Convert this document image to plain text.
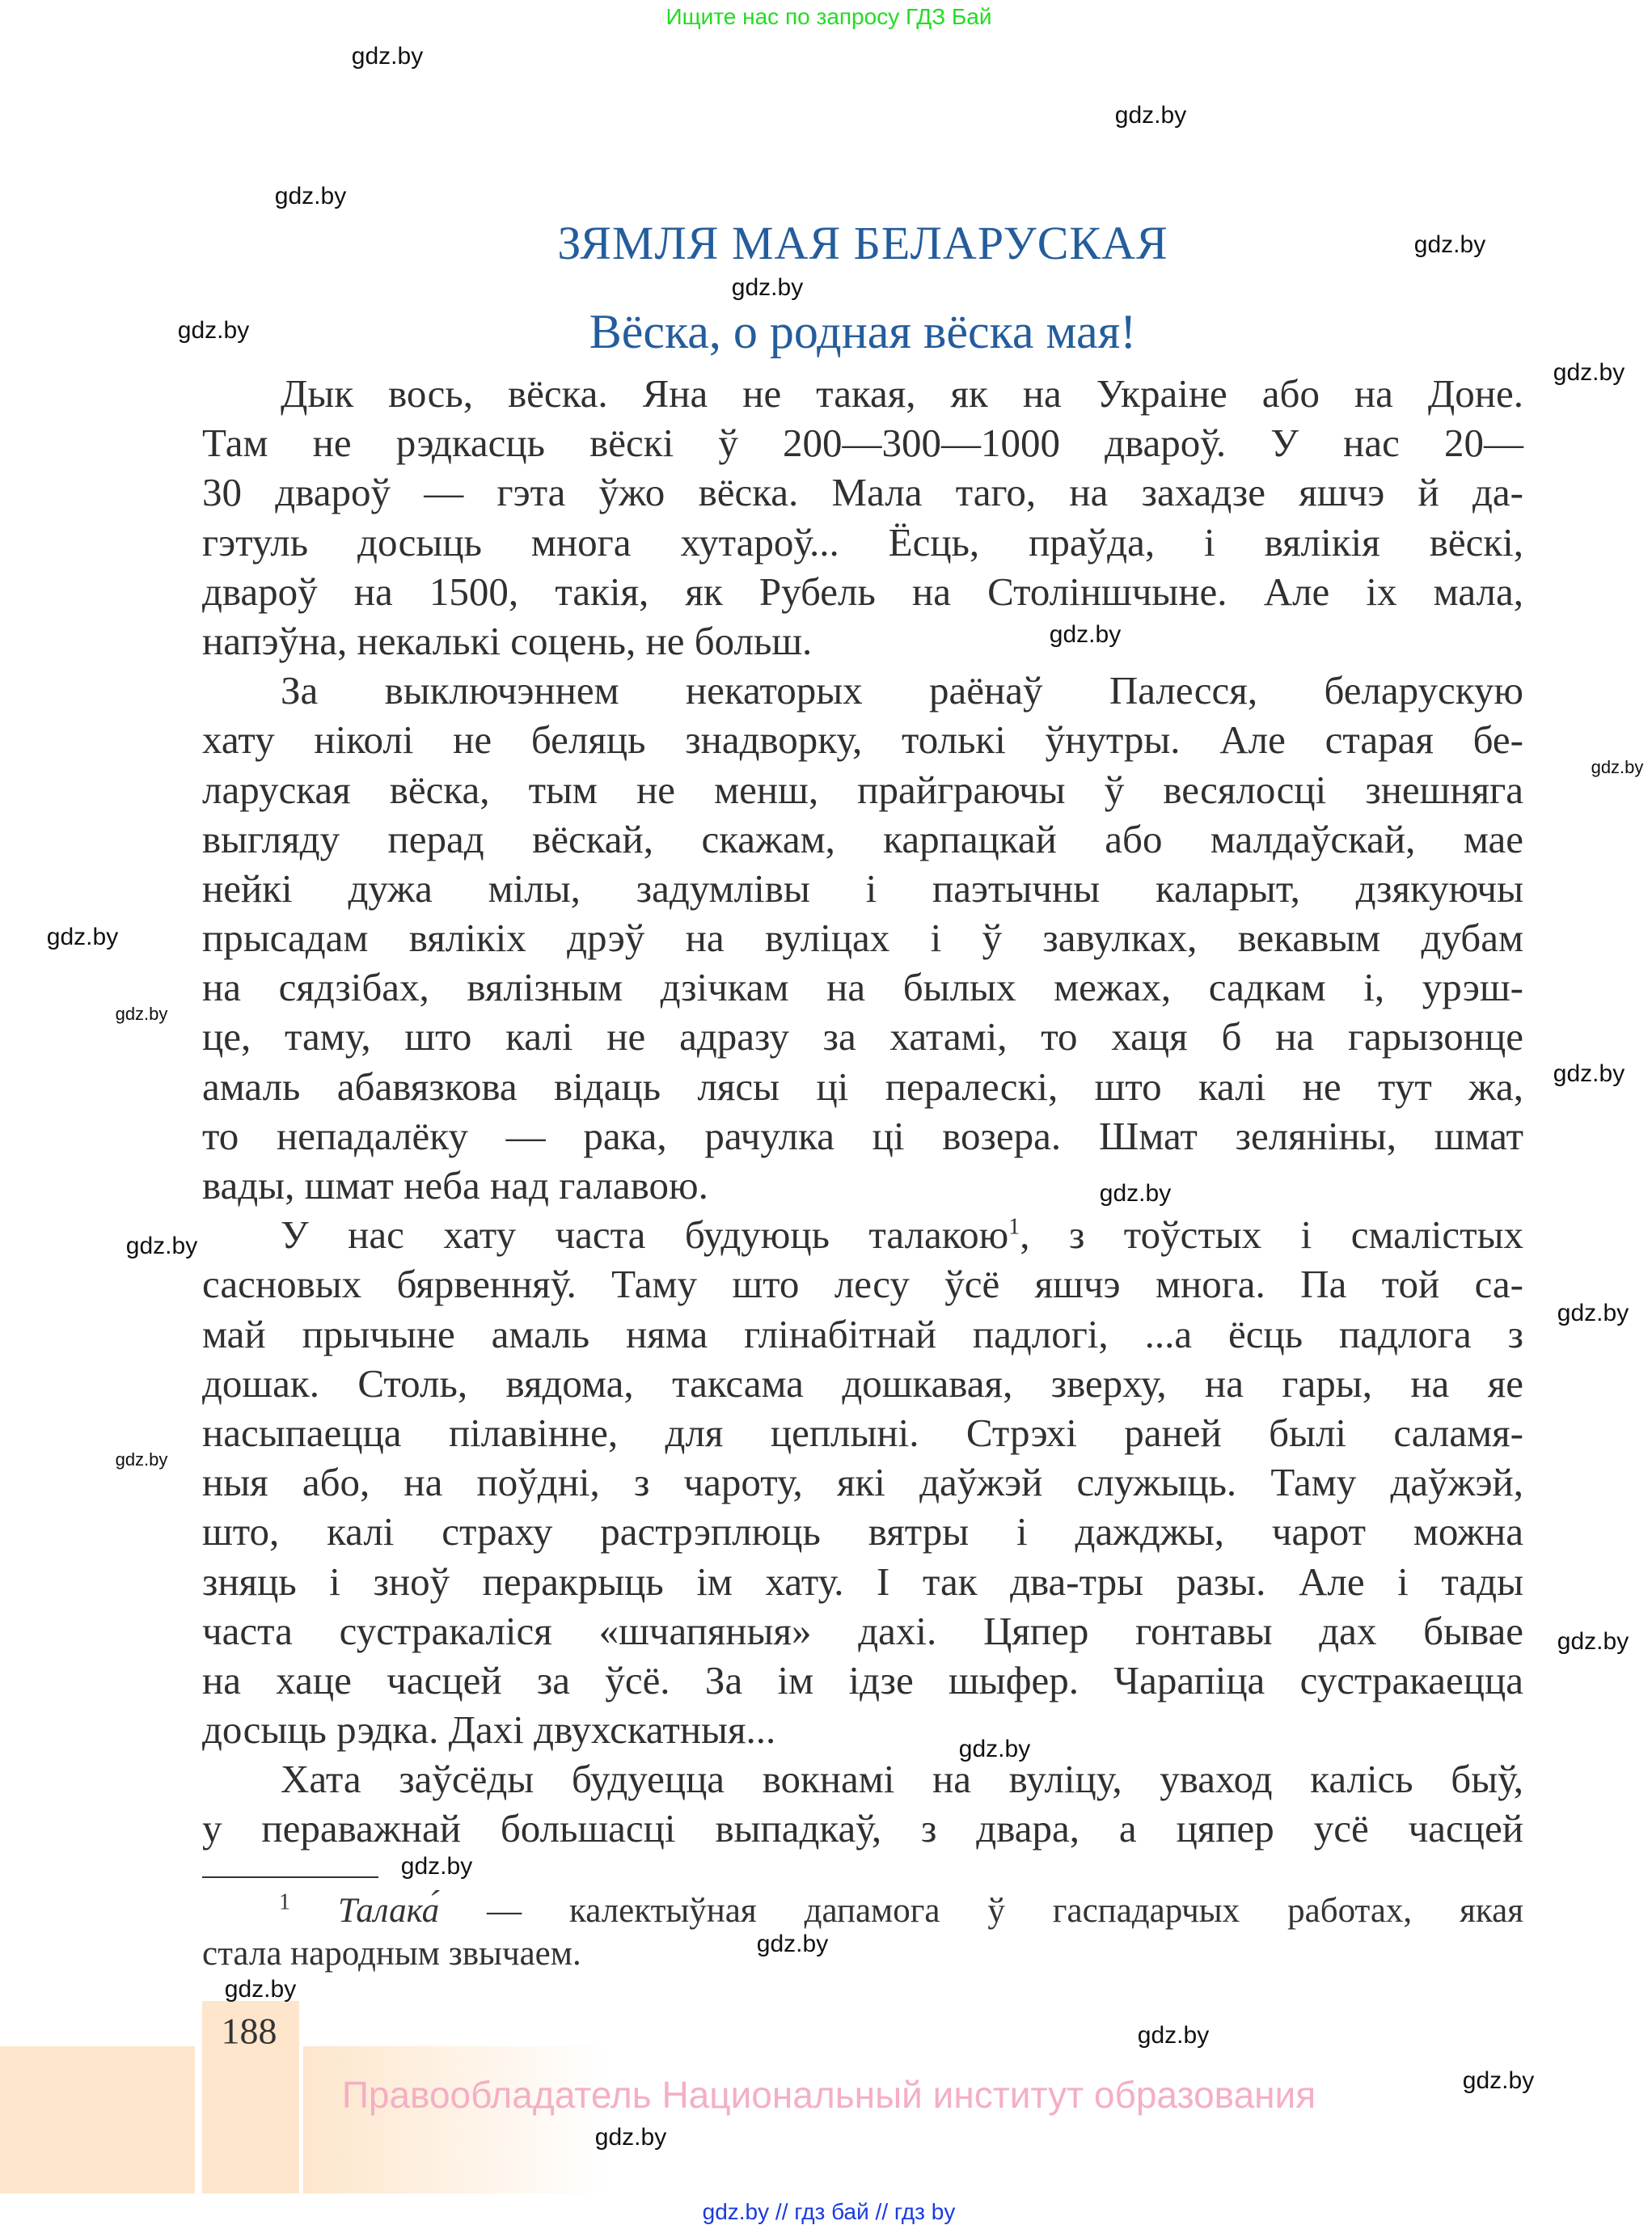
Ищите нас по запросу ГДЗ Бай
ЗЯМЛЯ МАЯ БЕЛАРУСКАЯ
Вёска, о родная вёска мая!
Дык вось, вёска. Яна не такая, як на Украіне або на Доне.
Там не рэдкасць вёскі ў 200—300—1000 двароў. У нас 20—
30 двароў — гэта ўжо вёска. Мала таго, на захадзе яшчэ й да-
гэтуль досыць многа хутароў... Ёсць, праўда, і вялікія вёскі,
двароў на 1500, такія, як Рубель на Століншчыне. Але іх мала,
напэўна, некалькі соцень, не больш.
За выключэннем некаторых раёнаў Палесся, беларускую
хату ніколі не беляць знадворку, толькі ўнутры. Але старая бе-
ларуская вёска, тым не менш, прайграючы ў весялосці знешняга
выгляду перад вёскай, скажам, карпацкай або малдаўскай, мае
нейкі дужа мілы, задумлівы і паэтычны каларыт, дзякуючы
прысадам вялікіх дрэў на вуліцах і ў завулках, векавым дубам
на сядзібах, вялізным дзічкам на былых межах, садкам і, урэш-
це, таму, што калі не адразу за хатамі, то хаця б на гарызонце
амаль абавязкова відаць лясы ці пералескі, што калі не тут жа,
то непадалёку — рака, рачулка ці возера. Шмат зеляніны, шмат
вады, шмат неба над галавою.
У нас хату часта будуюць талакою$^1$, з тоўстых і смалістых
сасновых бярвенняў. Таму што лесу ўсё яшчэ многа. Па той са-
май прычыне амаль няма глінабітнай падлогі, ...а ёсць падлога з
дошак. Столь, вядома, таксама дошкавая, зверху, на гары, на яе
насыпаецца пілавінне, для цеплыні. Стрэхі раней былі саламя-
ныя або, на поўдні, з чароту, які даўжэй служыць. Таму даўжэй,
што, калі страху растрэплюць вятры і дажджы, чарот можна
зняць і зноў перакрыць ім хату. І так два-тры разы. Але і тады
часта сустракаліся «шчапяныя» дахі. Цяпер гонтавы дах бывае
на хаце часцей за ўсё. За ім ідзе шыфер. Чарапіца сустракаецца
досыць рэдка. Дахі двухскатныя...
Хата заўсёды будуецца вокнамі на вуліцу, уваход калісь быў,
у пераважнай большасці выпадкаў, з двара, а цяпер усё часцей
$^1$ Талака́ — калектыўная дапамога ў гаспадарчых работах, якая
стала народным звычаем.
188
Правообладатель Национальный институт образования
gdz.by // гдз бай // гдз by
gdz.by
gdz.by
gdz.by
gdz.by
gdz.by
gdz.by
gdz.by
gdz.by
gdz.by
gdz.by
gdz.by
gdz.by
gdz.by
gdz.by
gdz.by
gdz.by
gdz.by
gdz.by
gdz.by
gdz.by
gdz.by
gdz.by
gdz.by
gdz.by
